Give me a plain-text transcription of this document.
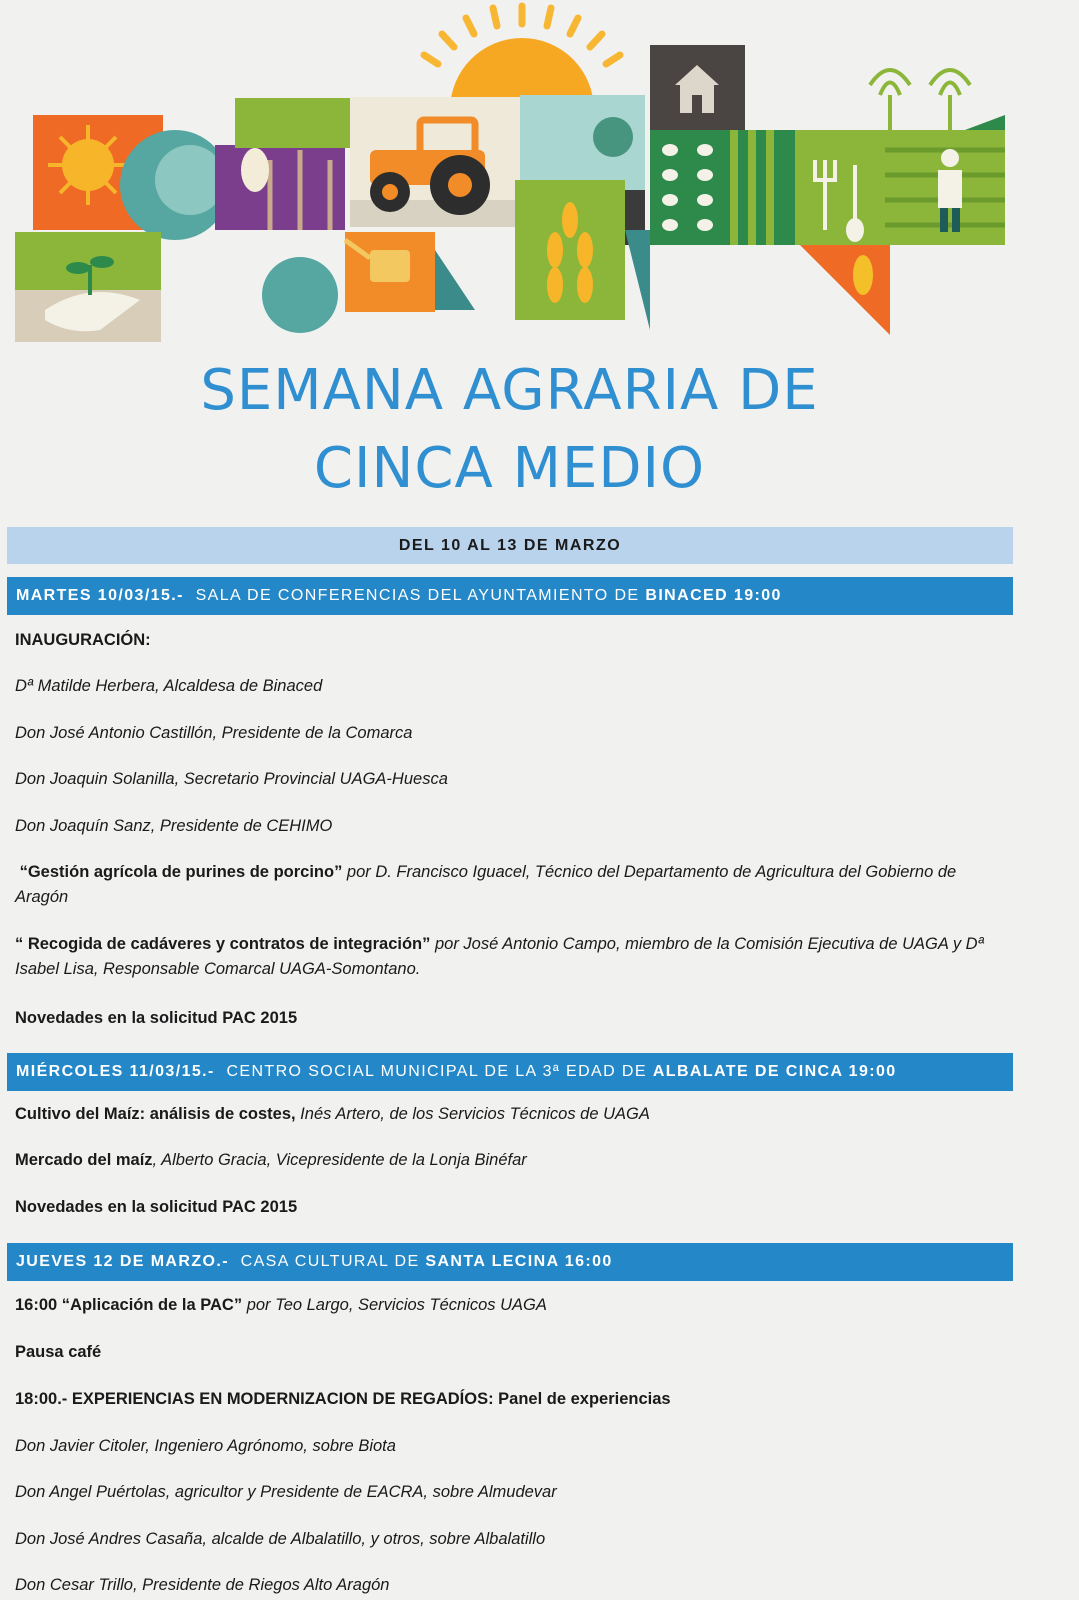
SEMANA AGRARIA DE
CINCA MEDIO
DEL 10 AL 13 DE MARZO
MARTES 10/03/15.- SALA DE CONFERENCIAS DEL AYUNTAMIENTO DE BINACED 19:00
INAUGURACIÓN:
Dª Matilde Herbera, Alcaldesa de Binaced
Don José Antonio Castillón, Presidente de la Comarca
Don Joaquin Solanilla, Secretario Provincial UAGA-Huesca
Don Joaquín Sanz, Presidente de CEHIMO
“Gestión agrícola de purines de porcino” por D. Francisco Iguacel, Técnico del Departamento de Agricultura del Gobierno de Aragón
“ Recogida de cadáveres y contratos de integración” por José Antonio Campo, miembro de la Comisión Ejecutiva de UAGA y Dª Isabel Lisa, Responsable Comarcal UAGA-Somontano.
Novedades en la solicitud PAC 2015
MIÉRCOLES 11/03/15.- CENTRO SOCIAL MUNICIPAL DE LA 3ª EDAD DE ALBALATE DE CINCA 19:00
Cultivo del Maíz: análisis de costes, Inés Artero, de los Servicios Técnicos de UAGA
Mercado del maíz, Alberto Gracia, Vicepresidente de la Lonja Binéfar
Novedades en la solicitud PAC 2015
JUEVES 12 DE MARZO.- CASA CULTURAL DE SANTA LECINA 16:00
16:00 “Aplicación de la PAC” por Teo Largo, Servicios Técnicos UAGA
Pausa café
18:00.- EXPERIENCIAS EN MODERNIZACION DE REGADÍOS: Panel de experiencias
Don Javier Citoler, Ingeniero Agrónomo, sobre Biota
Don Angel Puértolas, agricultor y Presidente de EACRA, sobre Almudevar
Don José Andres Casaña, alcalde de Albalatillo, y otros, sobre Albalatillo
Don Cesar Trillo, Presidente de Riegos Alto Aragón
